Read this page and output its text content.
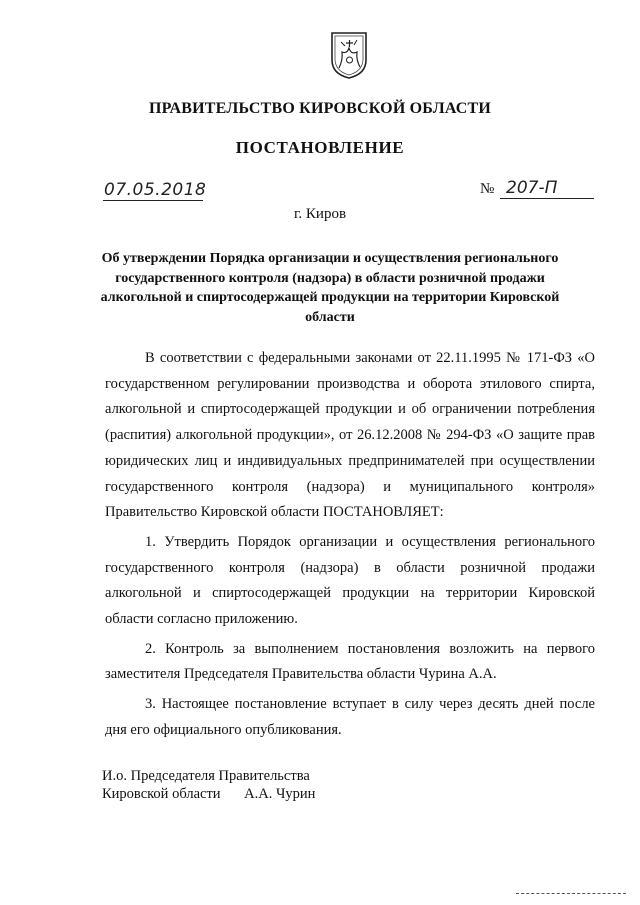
ПРАВИТЕЛЬСТВО КИРОВСКОЙ ОБЛАСТИ
ПОСТАНОВЛЕНИЕ
07.05.2018	№ 207-П
г. Киров
Об утверждении Порядка организации и осуществления регионального государственного контроля (надзора) в области розничной продажи алкогольной и спиртосодержащей продукции на территории Кировской области

В соответствии с федеральными законами от 22.11.1995 № 171-ФЗ «О государственном регулировании производства и оборота этилового спирта, алкогольной и спиртосодержащей продукции и об ограничении потребления (распития) алкогольной продукции», от 26.12.2008 № 294-ФЗ «О защите прав юридических лиц и индивидуальных предпринимателей при осуществлении государственного контроля (надзора) и муниципального контроля» Правительство Кировской области ПОСТАНОВЛЯЕТ:

1. Утвердить Порядок организации и осуществления регионального государственного контроля (надзора) в области розничной продажи алкогольной и спиртосодержащей продукции на территории Кировской области согласно приложению.

2. Контроль за выполнением постановления возложить на первого заместителя Председателя Правительства области Чурина А.А.

3. Настоящее постановление вступает в силу через десять дней после дня его официального опубликования.

И.о. Председателя Правительства
Кировской области А.А. Чурин
